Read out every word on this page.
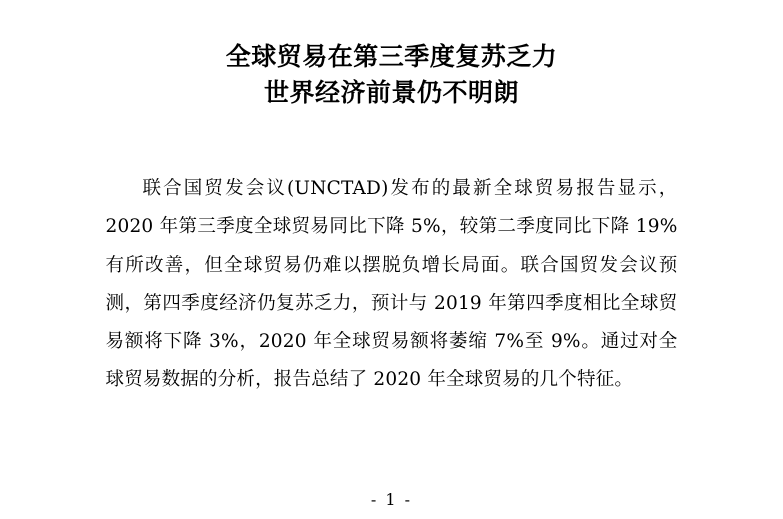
全球贸易在第三季度复苏乏力
世界经济前景仍不明朗

联合国贸发会议(UNCTAD)发布的最新全球贸易报告显示，2020 年第三季度全球贸易同比下降 5%，较第二季度同比下降 19%有所改善，但全球贸易仍难以摆脱负增长局面。联合国贸发会议预测，第四季度经济仍复苏乏力，预计与 2019 年第四季度相比全球贸易额将下降 3%，2020 年全球贸易额将萎缩 7%至 9%。通过对全球贸易数据的分析，报告总结了 2020 年全球贸易的几个特征。

- 1 -
